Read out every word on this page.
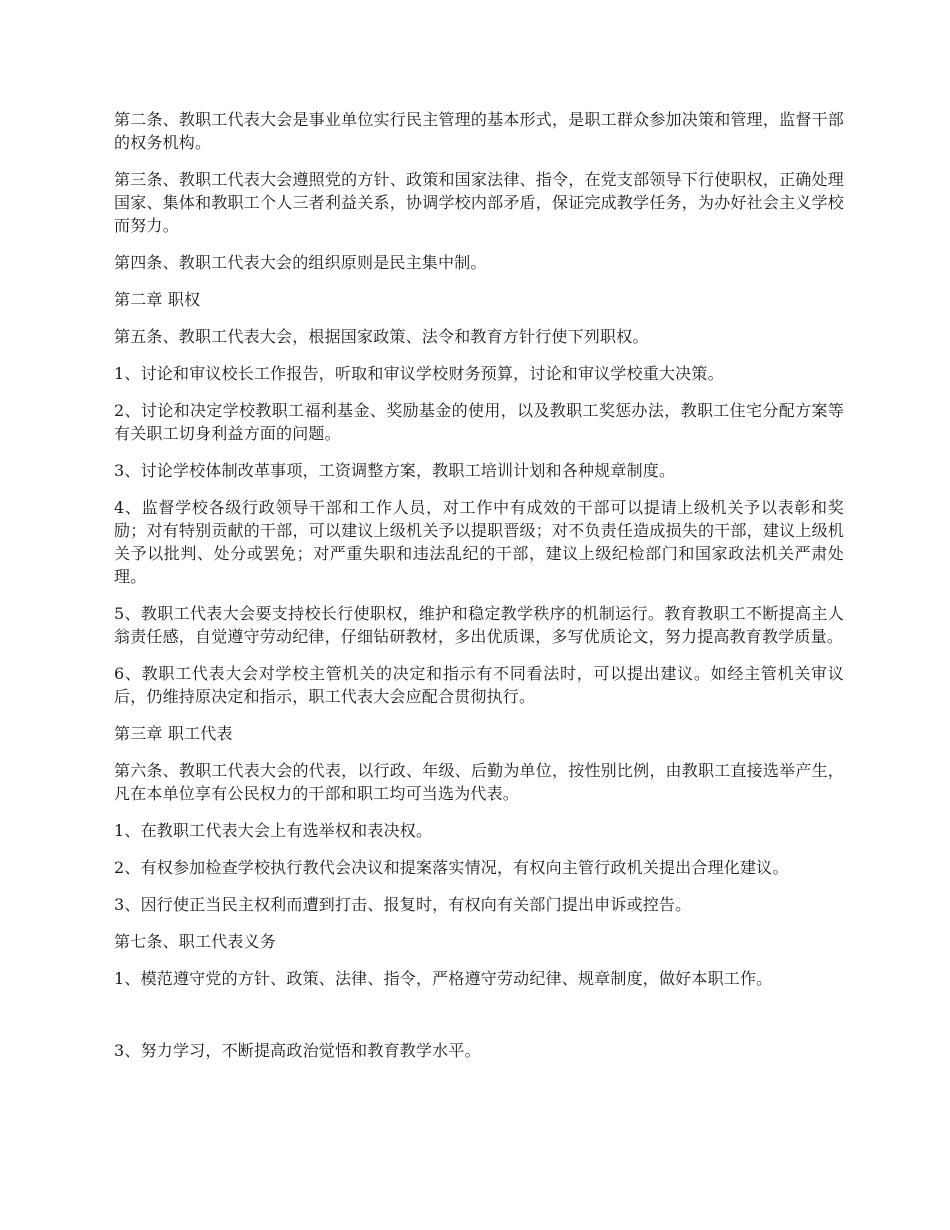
第二条、教职工代表大会是事业单位实行民主管理的基本形式，是职工群众参加决策和管理，监督干部的权务机构。

第三条、教职工代表大会遵照党的方针、政策和国家法律、指令，在党支部领导下行使职权，正确处理国家、集体和教职工个人三者利益关系，协调学校内部矛盾，保证完成教学任务，为办好社会主义学校而努力。

第四条、教职工代表大会的组织原则是民主集中制。

第二章 职权

第五条、教职工代表大会，根据国家政策、法令和教育方针行使下列职权。

1、讨论和审议校长工作报告，听取和审议学校财务预算，讨论和审议学校重大决策。

2、讨论和决定学校教职工福利基金、奖励基金的使用，以及教职工奖惩办法，教职工住宅分配方案等有关职工切身利益方面的问题。

3、讨论学校体制改革事项，工资调整方案，教职工培训计划和各种规章制度。

4、监督学校各级行政领导干部和工作人员，对工作中有成效的干部可以提请上级机关予以表彰和奖励；对有特别贡献的干部，可以建议上级机关予以提职晋级；对不负责任造成损失的干部，建议上级机关予以批判、处分或罢免；对严重失职和违法乱纪的干部，建议上级纪检部门和国家政法机关严肃处理。

5、教职工代表大会要支持校长行使职权，维护和稳定教学秩序的机制运行。教育教职工不断提高主人翁责任感，自觉遵守劳动纪律，仔细钻研教材，多出优质课，多写优质论文，努力提高教育教学质量。

6、教职工代表大会对学校主管机关的决定和指示有不同看法时，可以提出建议。如经主管机关审议后，仍维持原决定和指示，职工代表大会应配合贯彻执行。

第三章 职工代表

第六条、教职工代表大会的代表，以行政、年级、后勤为单位，按性别比例，由教职工直接选举产生，凡在本单位享有公民权力的干部和职工均可当选为代表。

1、在教职工代表大会上有选举权和表决权。

2、有权参加检查学校执行教代会决议和提案落实情况，有权向主管行政机关提出合理化建议。

3、因行使正当民主权利而遭到打击、报复时，有权向有关部门提出申诉或控告。

第七条、职工代表义务

1、模范遵守党的方针、政策、法律、指令，严格遵守劳动纪律、规章制度，做好本职工作。

3、努力学习，不断提高政治觉悟和教育教学水平。
